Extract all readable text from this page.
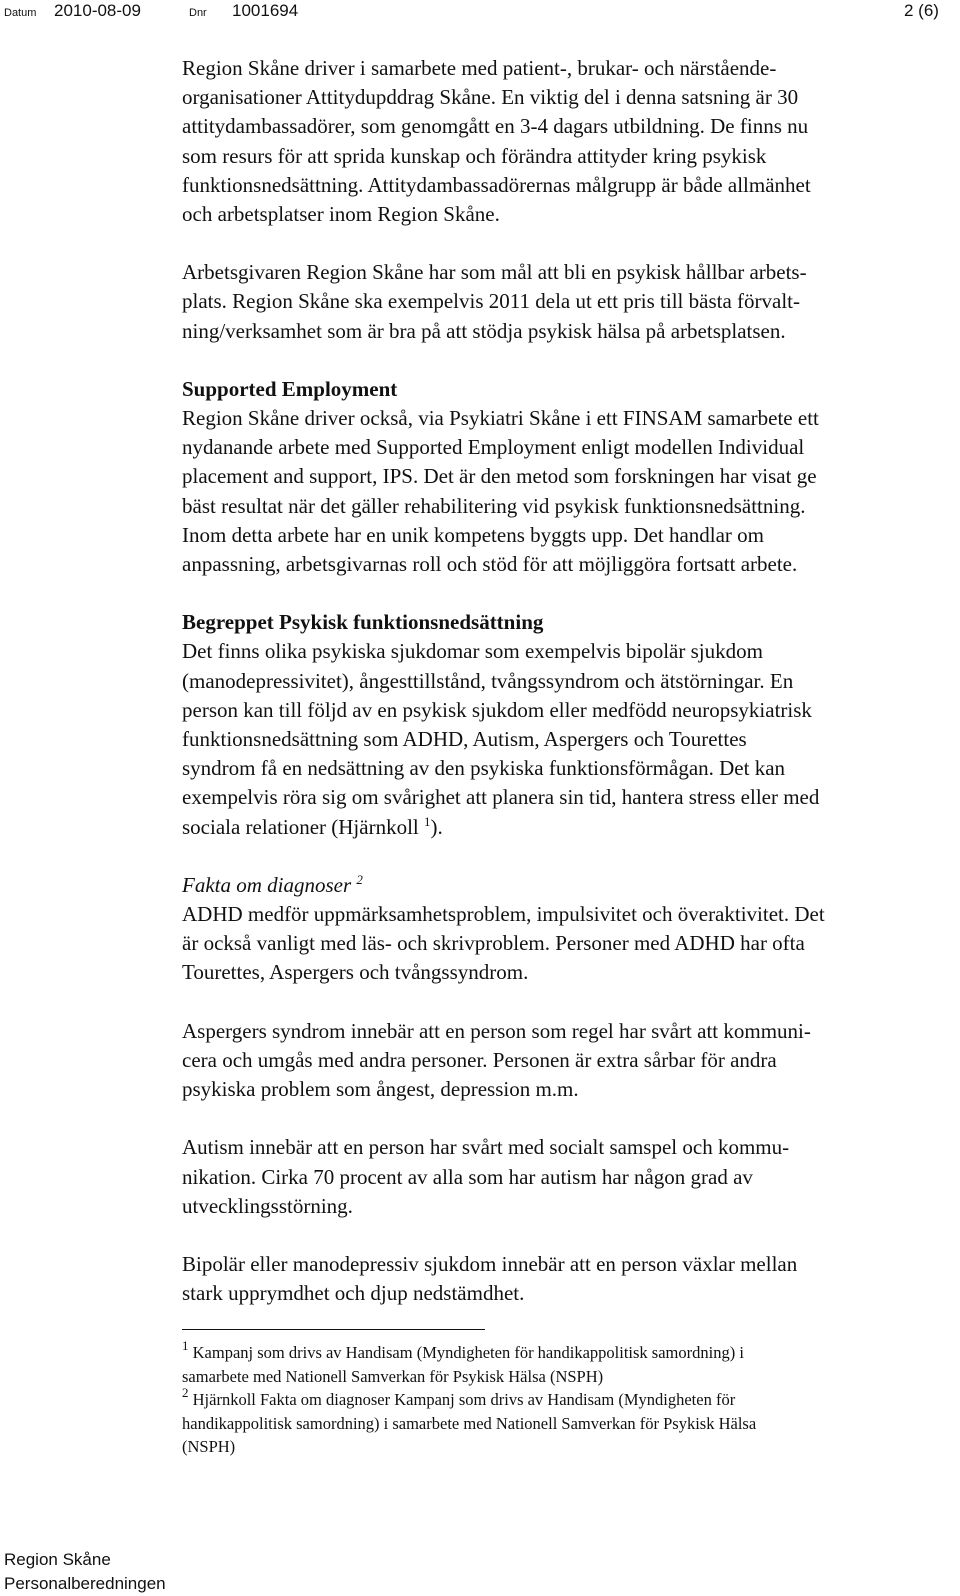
Datum 2010-08-09	Dnr 1001694	2 (6)

Region Skåne driver i samarbete med patient-, brukar- och närstående-
organisationer Attitydupddrag Skåne. En viktig del i denna satsning är 30
attitydambassadörer, som genomgått en 3-4 dagars utbildning. De finns nu
som resurs för att sprida kunskap och förändra attityder kring psykisk
funktionsnedsättning. Attitydambassadörernas målgrupp är både allmänhet
och arbetsplatser inom Region Skåne.

Arbetsgivaren Region Skåne har som mål att bli en psykisk hållbar arbets-
plats. Region Skåne ska exempelvis 2011 dela ut ett pris till bästa förvalt-
ning/verksamhet som är bra på att stödja psykisk hälsa på arbetsplatsen.

Supported Employment
Region Skåne driver också, via Psykiatri Skåne i ett FINSAM samarbete ett
nydanande arbete med Supported Employment enligt modellen Individual
placement and support, IPS. Det är den metod som forskningen har visat ge
bäst resultat när det gäller rehabilitering vid psykisk funktionsnedsättning.
Inom detta arbete har en unik kompetens byggts upp. Det handlar om
anpassning, arbetsgivarnas roll och stöd för att möjliggöra fortsatt arbete.

Begreppet Psykisk funktionsnedsättning
Det finns olika psykiska sjukdomar som exempelvis bipolär sjukdom
(manodepressivitet), ångesttillstånd, tvångssyndrom och ätstörningar. En
person kan till följd av en psykisk sjukdom eller medfödd neuropsykiatrisk
funktionsnedsättning som ADHD, Autism, Aspergers och Tourettes
syndrom få en nedsättning av den psykiska funktionsförmågan. Det kan
exempelvis röra sig om svårighet att planera sin tid, hantera stress eller med
sociala relationer (Hjärnkoll $^1$).

Fakta om diagnoser $^2$
ADHD medför uppmärksamhetsproblem, impulsivitet och överaktivitet. Det
är också vanligt med läs- och skrivproblem. Personer med ADHD har ofta
Tourettes, Aspergers och tvångssyndrom.

Aspergers syndrom innebär att en person som regel har svårt att kommuni-
cera och umgås med andra personer. Personen är extra sårbar för andra
psykiska problem som ångest, depression m.m.

Autism innebär att en person har svårt med socialt samspel och kommu-
nikation. Cirka 70 procent av alla som har autism har någon grad av
utvecklingsstörning.

Bipolär eller manodepressiv sjukdom innebär att en person växlar mellan
stark upprymdhet och djup nedstämdhet.

$^1$ Kampanj som drivs av Handisam (Myndigheten för handikappolitisk samordning) i
samarbete med Nationell Samverkan för Psykisk Hälsa (NSPH)
$^2$ Hjärnkoll Fakta om diagnoser Kampanj som drivs av Handisam (Myndigheten för
handikappolitisk samordning) i samarbete med Nationell Samverkan för Psykisk Hälsa
(NSPH)
Region Skåne
Personalberedningen
